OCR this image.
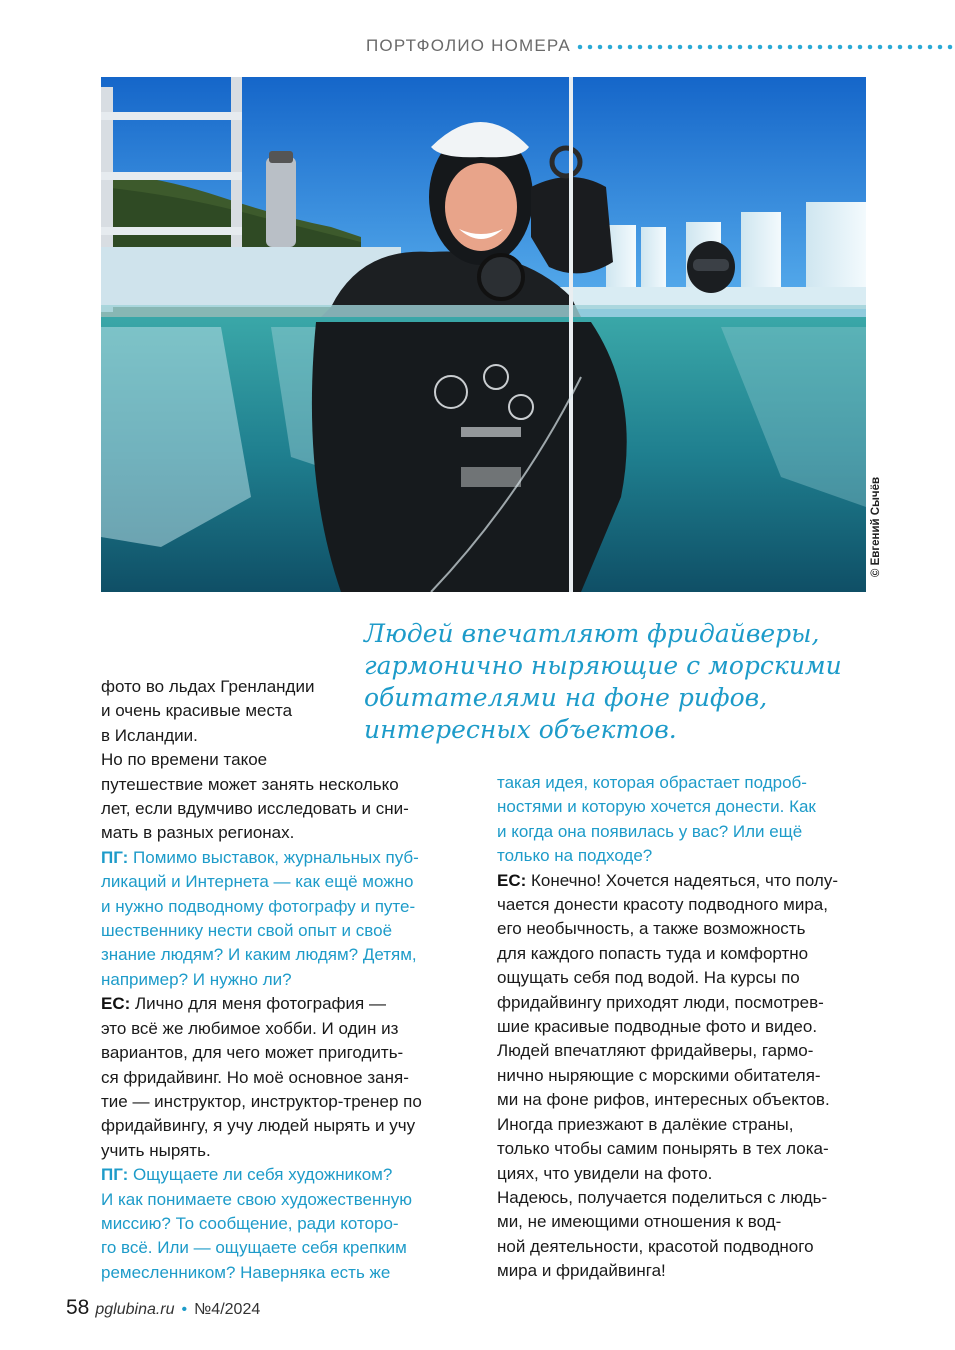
ПОРТФОЛИО НОМЕРА
© Евгений Сычёв
Людей впечатляют фридайверы,
гармонично ныряющие с морскими
обитателями на фоне рифов,
интересных объектов.
фото во льдах Гренландии
и очень красивые места
в Исландии.
Но по времени такое
путешествие может занять несколько
лет, если вдумчиво исследовать и сни-
мать в разных регионах.
ПГ: Помимо выставок, журнальных пуб-
ликаций и Интернета — как ещё можно
и нужно подводному фотографу и путе-
шественнику нести свой опыт и своё
знание людям? И каким людям? Детям,
например? И нужно ли?
ЕС: Лично для меня фотография —
это всё же любимое хобби. И один из
вариантов, для чего может пригодить-
ся фридайвинг. Но моё основное заня-
тие — инструктор, инструктор-тренер по
фридайвингу, я учу людей нырять и учу
учить нырять.
ПГ: Ощущаете ли себя художником?
И как понимаете свою художественную
миссию? То сообщение, ради которо-
го всё. Или — ощущаете себя крепким
ремесленником? Наверняка есть же
такая идея, которая обрастает подроб-
ностями и которую хочется донести. Как
и когда она появилась у вас? Или ещё
только на подходе?
ЕС: Конечно! Хочется надеяться, что полу-
чается донести красоту подводного мира,
его необычность, а также возможность
для каждого попасть туда и комфортно
ощущать себя под водой. На курсы по
фридайвингу приходят люди, посмотрев-
шие красивые подводные фото и видео.
Людей впечатляют фридайверы, гармо-
нично ныряющие с морскими обитателя-
ми на фоне рифов, интересных объектов.
Иногда приезжают в далёкие страны,
только чтобы самим понырять в тех лока-
циях, что увидели на фото.
Надеюсь, получается поделиться с людь-
ми, не имеющими отношения к вод-
ной деятельности, красотой подводного
мира и фридайвинга!
58 pglubina.ru • №4/2024
